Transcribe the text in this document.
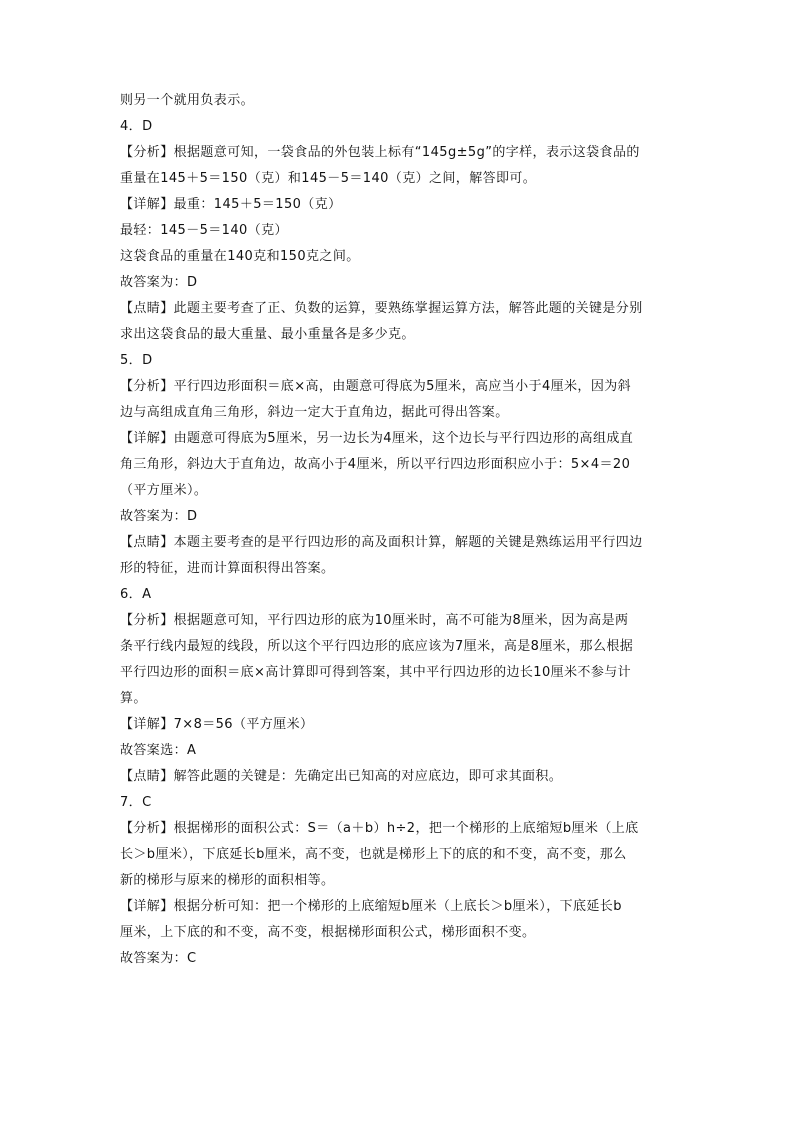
则另一个就用负表示。
4．D
【分析】根据题意可知，一袋食品的外包装上标有“145g±5g”的字样，表示这袋食品的
重量在145＋5＝150（克）和145－5＝140（克）之间，解答即可。
【详解】最重：145＋5＝150（克）
最轻：145－5＝140（克）
这袋食品的重量在140克和150克之间。
故答案为：D
【点睛】此题主要考查了正、负数的运算，要熟练掌握运算方法，解答此题的关键是分别
求出这袋食品的最大重量、最小重量各是多少克。
5．D
【分析】平行四边形面积＝底×高，由题意可得底为5厘米，高应当小于4厘米，因为斜
边与高组成直角三角形，斜边一定大于直角边，据此可得出答案。
【详解】由题意可得底为5厘米，另一边长为4厘米，这个边长与平行四边形的高组成直
角三角形，斜边大于直角边，故高小于4厘米，所以平行四边形面积应小于：5×4＝20
（平方厘米）。
故答案为：D
【点睛】本题主要考查的是平行四边形的高及面积计算，解题的关键是熟练运用平行四边
形的特征，进而计算面积得出答案。
6．A
【分析】根据题意可知，平行四边形的底为10厘米时，高不可能为8厘米，因为高是两
条平行线内最短的线段，所以这个平行四边形的底应该为7厘米，高是8厘米，那么根据
平行四边形的面积＝底×高计算即可得到答案，其中平行四边形的边长10厘米不参与计
算。
【详解】7×8＝56（平方厘米）
故答案选：A
【点睛】解答此题的关键是：先确定出已知高的对应底边，即可求其面积。
7．C
【分析】根据梯形的面积公式：S＝（a＋b）h÷2，把一个梯形的上底缩短b厘米（上底
长＞b厘米），下底延长b厘米，高不变，也就是梯形上下的底的和不变，高不变，那么
新的梯形与原来的梯形的面积相等。
【详解】根据分析可知：把一个梯形的上底缩短b厘米（上底长＞b厘米），下底延长b
厘米，上下底的和不变，高不变，根据梯形面积公式，梯形面积不变。
故答案为：C
